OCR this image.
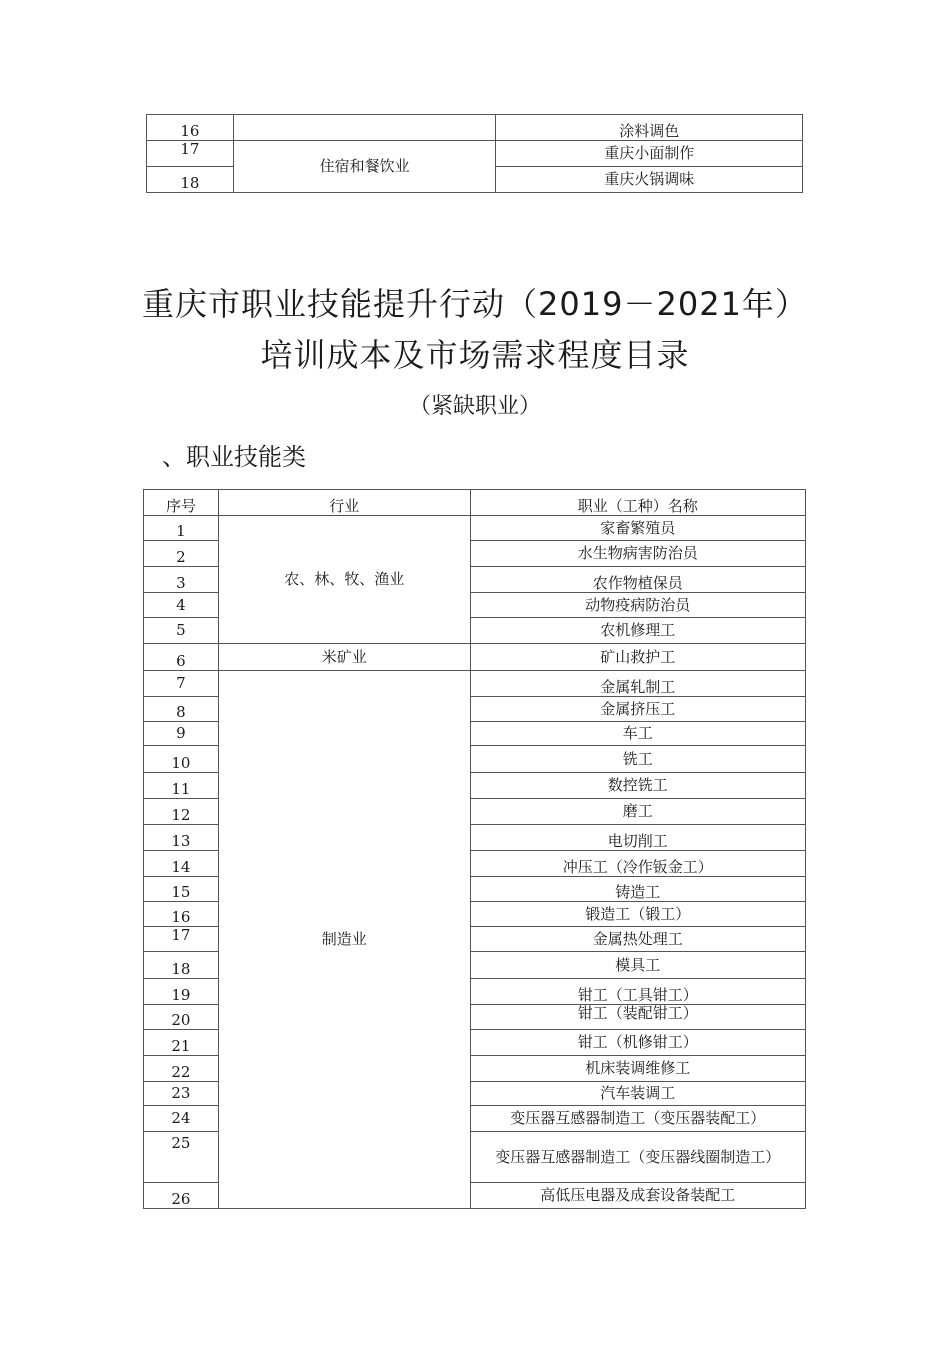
16		涂料调色
17	住宿和餐饮业	重庆小面制作
18		重庆火锅调味
重庆市职业技能提升行动（2019－2021年）
培训成本及市场需求程度目录
（紧缺职业）
、职业技能类
序号	行业	职业（工种）名称
1	农、林、牧、渔业	家畜繁殖员
2		水生物病害防治员
3		农作物植保员
4		动物疫病防治员
5		农机修理工
6	米矿业	矿山救护工
7	制造业	金属轧制工
8		金属挤压工
9		车工
10		铣工
11		数控铣工
12		磨工
13		电切削工
14		冲压工（冷作钣金工）
15		铸造工
16		锻造工（锻工）
17		金属热处理工
18		模具工
19		钳工（工具钳工）
20		钳工（装配钳工）
21		钳工（机修钳工）
22		机床装调维修工
23		汽车装调工
24		变压器互感器制造工（变压器装配工）
25		变压器互感器制造工（变压器线圈制造工）
26		高低压电器及成套设备装配工
